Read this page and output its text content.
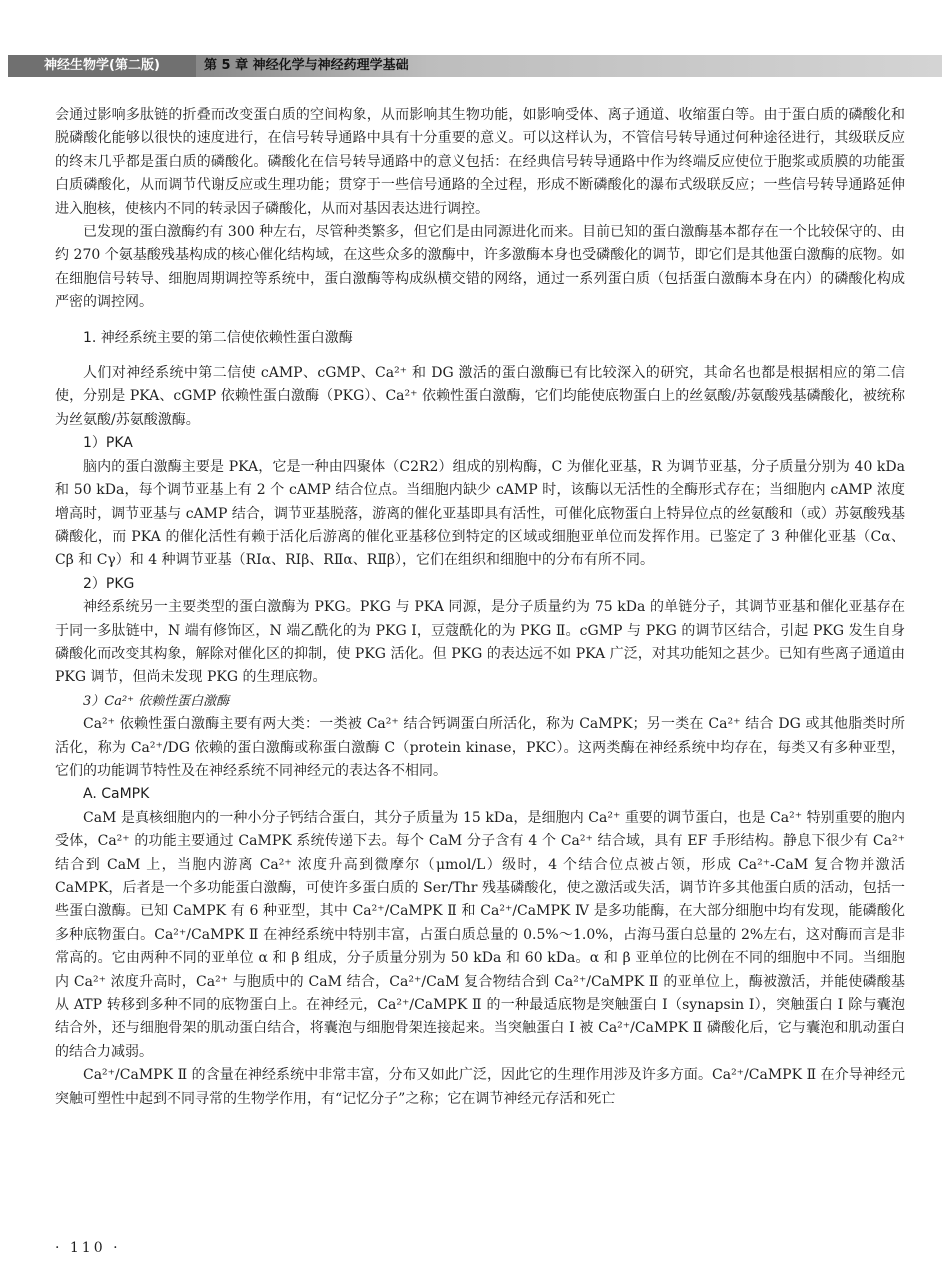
神经生物学(第二版)	第 5 章 神经化学与神经药理学基础

会通过影响多肽链的折叠而改变蛋白质的空间构象，从而影响其生物功能，如影响受体、离子通道、收缩蛋白等。由于蛋白质的磷酸化和脱磷酸化能够以很快的速度进行，在信号转导通路中具有十分重要的意义。可以这样认为，不管信号转导通过何种途径进行，其级联反应的终末几乎都是蛋白质的磷酸化。磷酸化在信号转导通路中的意义包括：在经典信号转导通路中作为终端反应使位于胞浆或质膜的功能蛋白质磷酸化，从而调节代谢反应或生理功能；贯穿于一些信号通路的全过程，形成不断磷酸化的瀑布式级联反应；一些信号转导通路延伸进入胞核，使核内不同的转录因子磷酸化，从而对基因表达进行调控。

已发现的蛋白激酶约有 300 种左右，尽管种类繁多，但它们是由同源进化而来。目前已知的蛋白激酶基本都存在一个比较保守的、由约 270 个氨基酸残基构成的核心催化结构域，在这些众多的激酶中，许多激酶本身也受磷酸化的调节，即它们是其他蛋白激酶的底物。如在细胞信号转导、细胞周期调控等系统中，蛋白激酶等构成纵横交错的网络，通过一系列蛋白质（包括蛋白激酶本身在内）的磷酸化构成严密的调控网。

1. 神经系统主要的第二信使依赖性蛋白激酶

人们对神经系统中第二信使 cAMP、cGMP、Ca²⁺ 和 DG 激活的蛋白激酶已有比较深入的研究，其命名也都是根据相应的第二信使，分别是 PKA、cGMP 依赖性蛋白激酶（PKG）、Ca²⁺ 依赖性蛋白激酶，它们均能使底物蛋白上的丝氨酸/苏氨酸残基磷酸化，被统称为丝氨酸/苏氨酸激酶。

1）PKA

脑内的蛋白激酶主要是 PKA，它是一种由四聚体（C2R2）组成的别构酶，C 为催化亚基，R 为调节亚基，分子质量分别为 40 kDa 和 50 kDa，每个调节亚基上有 2 个 cAMP 结合位点。当细胞内缺少 cAMP 时，该酶以无活性的全酶形式存在；当细胞内 cAMP 浓度增高时，调节亚基与 cAMP 结合，调节亚基脱落，游离的催化亚基即具有活性，可催化底物蛋白上特异位点的丝氨酸和（或）苏氨酸残基磷酸化，而 PKA 的催化活性有赖于活化后游离的催化亚基移位到特定的区域或细胞亚单位而发挥作用。已鉴定了 3 种催化亚基（Cα、Cβ 和 Cγ）和 4 种调节亚基（RⅠα、RⅠβ、RⅡα、RⅡβ），它们在组织和细胞中的分布有所不同。

2）PKG

神经系统另一主要类型的蛋白激酶为 PKG。PKG 与 PKA 同源，是分子质量约为 75 kDa 的单链分子，其调节亚基和催化亚基存在于同一多肽链中，N 端有修饰区，N 端乙酰化的为 PKG Ⅰ，豆蔻酰化的为 PKG Ⅱ。cGMP 与 PKG 的调节区结合，引起 PKG 发生自身磷酸化而改变其构象，解除对催化区的抑制，使 PKG 活化。但 PKG 的表达远不如 PKA 广泛，对其功能知之甚少。已知有些离子通道由 PKG 调节，但尚未发现 PKG 的生理底物。

3）Ca²⁺ 依赖性蛋白激酶

Ca²⁺ 依赖性蛋白激酶主要有两大类：一类被 Ca²⁺ 结合钙调蛋白所活化，称为 CaMPK；另一类在 Ca²⁺ 结合 DG 或其他脂类时所活化，称为 Ca²⁺/DG 依赖的蛋白激酶或称蛋白激酶 C（protein kinase，PKC）。这两类酶在神经系统中均存在，每类又有多种亚型，它们的功能调节特性及在神经系统不同神经元的表达各不相同。

A. CaMPK

CaM 是真核细胞内的一种小分子钙结合蛋白，其分子质量为 15 kDa，是细胞内 Ca²⁺ 重要的调节蛋白，也是 Ca²⁺ 特别重要的胞内受体，Ca²⁺ 的功能主要通过 CaMPK 系统传递下去。每个 CaM 分子含有 4 个 Ca²⁺ 结合域，具有 EF 手形结构。静息下很少有 Ca²⁺ 结合到 CaM 上，当胞内游离 Ca²⁺ 浓度升高到微摩尔（μmol/L）级时，4 个结合位点被占领，形成 Ca²⁺-CaM 复合物并激活 CaMPK，后者是一个多功能蛋白激酶，可使许多蛋白质的 Ser/Thr 残基磷酸化，使之激活或失活，调节许多其他蛋白质的活动，包括一些蛋白激酶。已知 CaMPK 有 6 种亚型，其中 Ca²⁺/CaMPK Ⅱ 和 Ca²⁺/CaMPK Ⅳ 是多功能酶，在大部分细胞中均有发现，能磷酸化多种底物蛋白。Ca²⁺/CaMPK Ⅱ 在神经系统中特别丰富，占蛋白质总量的 0.5%～1.0%，占海马蛋白总量的 2%左右，这对酶而言是非常高的。它由两种不同的亚单位 α 和 β 组成，分子质量分别为 50 kDa 和 60 kDa。α 和 β 亚单位的比例在不同的细胞中不同。当细胞内 Ca²⁺ 浓度升高时，Ca²⁺ 与胞质中的 CaM 结合，Ca²⁺/CaM 复合物结合到 Ca²⁺/CaMPK Ⅱ 的亚单位上，酶被激活，并能使磷酸基从 ATP 转移到多种不同的底物蛋白上。在神经元，Ca²⁺/CaMPK Ⅱ 的一种最适底物是突触蛋白 Ⅰ（synapsin Ⅰ），突触蛋白 Ⅰ 除与囊泡结合外，还与细胞骨架的肌动蛋白结合，将囊泡与细胞骨架连接起来。当突触蛋白 Ⅰ 被 Ca²⁺/CaMPK Ⅱ 磷酸化后，它与囊泡和肌动蛋白的结合力减弱。

Ca²⁺/CaMPK Ⅱ 的含量在神经系统中非常丰富，分布又如此广泛，因此它的生理作用涉及许多方面。Ca²⁺/CaMPK Ⅱ 在介导神经元突触可塑性中起到不同寻常的生物学作用，有“记忆分子”之称；它在调节神经元存活和死亡

· 110 ·
